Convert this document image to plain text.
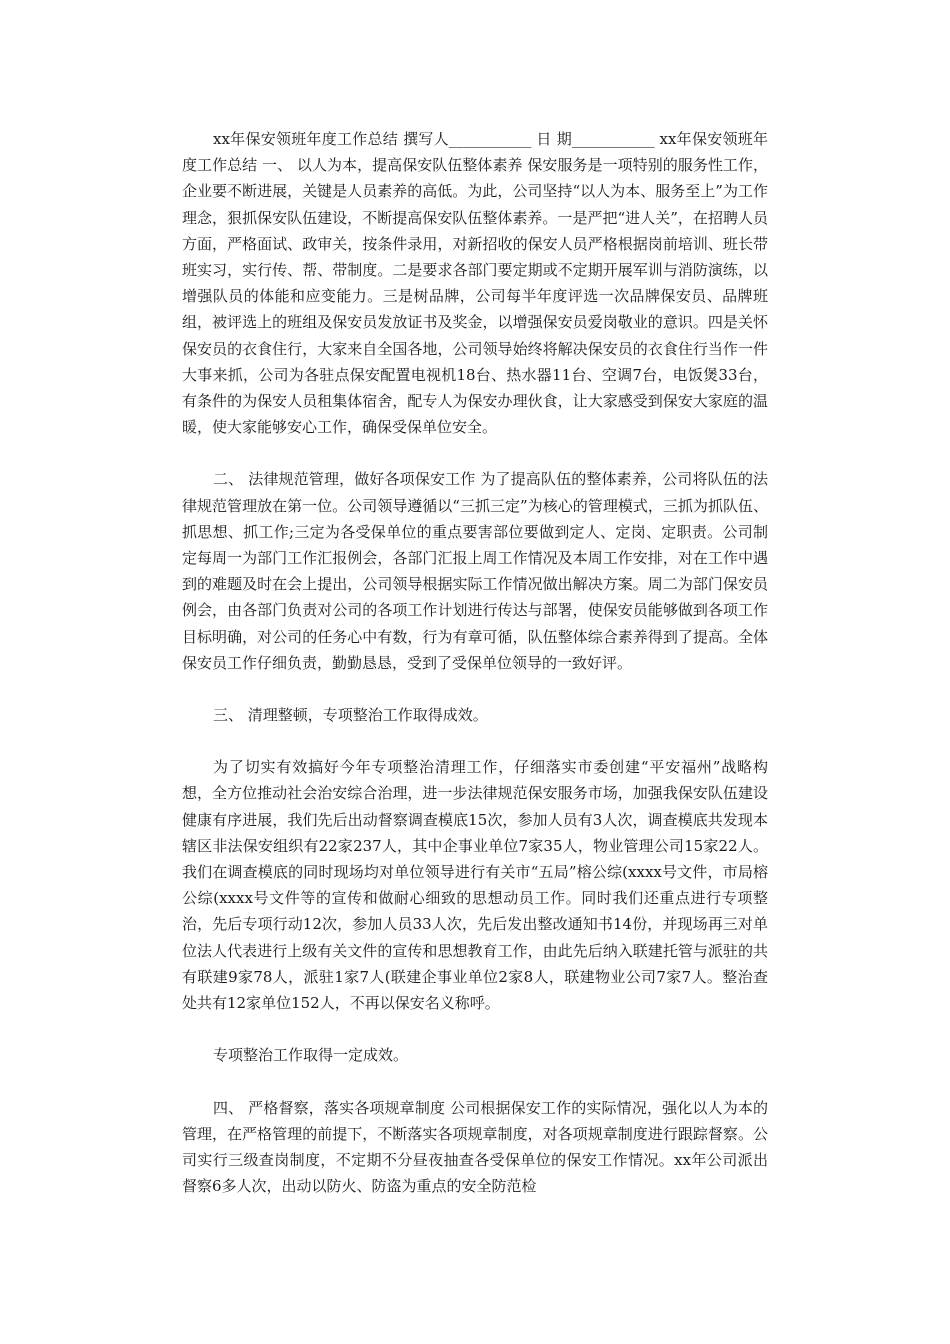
xx年保安领班年度工作总结 撰写人___________ 日 期___________ xx年保安领班年度工作总结 一、 以人为本，提高保安队伍整体素养 保安服务是一项特别的服务性工作，企业要不断进展，关键是人员素养的高低。为此，公司坚持“以人为本、服务至上”为工作理念，狠抓保安队伍建设，不断提高保安队伍整体素养。一是严把“进人关”，在招聘人员方面，严格面试、政审关，按条件录用，对新招收的保安人员严格根据岗前培训、班长带班实习，实行传、帮、带制度。二是要求各部门要定期或不定期开展军训与消防演练，以增强队员的体能和应变能力。三是树品牌，公司每半年度评选一次品牌保安员、品牌班组，被评选上的班组及保安员发放证书及奖金，以增强保安员爱岗敬业的意识。四是关怀保安员的衣食住行，大家来自全国各地，公司领导始终将解决保安员的衣食住行当作一件大事来抓，公司为各驻点保安配置电视机18台、热水器11台、空调7台，电饭煲33台，有条件的为保安人员租集体宿舍，配专人为保安办理伙食，让大家感受到保安大家庭的温暖，使大家能够安心工作，确保受保单位安全。

二、 法律规范管理，做好各项保安工作 为了提高队伍的整体素养，公司将队伍的法律规范管理放在第一位。公司领导遵循以“三抓三定”为核心的管理模式，三抓为抓队伍、抓思想、抓工作;三定为各受保单位的重点要害部位要做到定人、定岗、定职责。公司制定每周一为部门工作汇报例会，各部门汇报上周工作情况及本周工作安排，对在工作中遇到的难题及时在会上提出，公司领导根据实际工作情况做出解决方案。周二为部门保安员例会，由各部门负责对公司的各项工作计划进行传达与部署，使保安员能够做到各项工作目标明确，对公司的任务心中有数，行为有章可循，队伍整体综合素养得到了提高。全体保安员工作仔细负责，勤勤恳恳，受到了受保单位领导的一致好评。

三、 清理整顿，专项整治工作取得成效。

为了切实有效搞好今年专项整治清理工作，仔细落实市委创建“平安福州”战略构想，全方位推动社会治安综合治理，进一步法律规范保安服务市场，加强我保安队伍建设健康有序进展，我们先后出动督察调查模底15次，参加人员有3人次，调查模底共发现本辖区非法保安组织有22家237人，其中企事业单位7家35人，物业管理公司15家22人。我们在调查模底的同时现场均对单位领导进行有关市“五局”榕公综(xxxx号文件，市局榕公综(xxxx号文件等的宣传和做耐心细致的思想动员工作。同时我们还重点进行专项整治，先后专项行动12次，参加人员33人次，先后发出整改通知书14份，并现场再三对单位法人代表进行上级有关文件的宣传和思想教育工作，由此先后纳入联建托管与派驻的共有联建9家78人，派驻1家7人(联建企事业单位2家8人，联建物业公司7家7人。整治查处共有12家单位152人，不再以保安名义称呼。

专项整治工作取得一定成效。

四、 严格督察，落实各项规章制度 公司根据保安工作的实际情况，强化以人为本的管理，在严格管理的前提下，不断落实各项规章制度，对各项规章制度进行跟踪督察。公司实行三级查岗制度，不定期不分昼夜抽查各受保单位的保安工作情况。xx年公司派出督察6多人次，出动以防火、防盗为重点的安全防范检
